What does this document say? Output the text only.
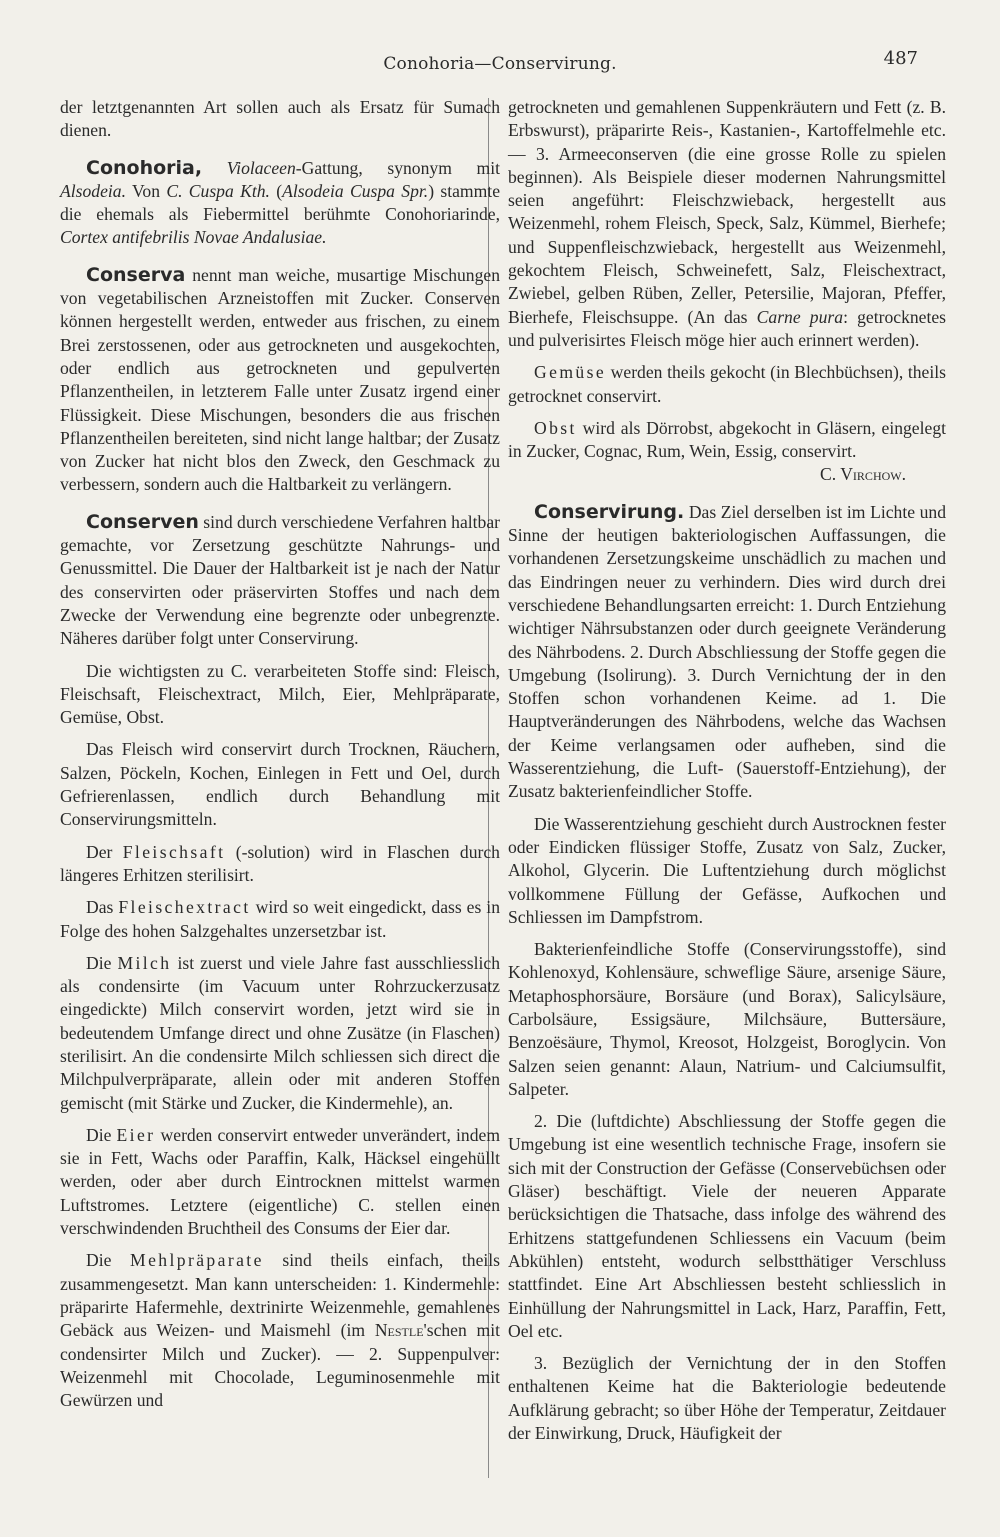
Conohoria—Conservirung.	487

der letztgenannten Art sollen auch als Ersatz für Sumach dienen.

Conohoria, Violaceen-Gattung, synonym mit Alsodeia. Von C. Cuspa Kth. (Alsodeia Cuspa Spr.) stammte die ehemals als Fiebermittel berühmte Conohoriarinde, Cortex antifebrilis Novae Andalusiae.

Conserva nennt man weiche, musartige Mischungen von vegetabilischen Arzneistoffen mit Zucker. Conserven können hergestellt werden, entweder aus frischen, zu einem Brei zerstossenen, oder aus getrockneten und ausgekochten, oder endlich aus getrockneten und gepulverten Pflanzentheilen, in letzterem Falle unter Zusatz irgend einer Flüssigkeit. Diese Mischungen, besonders die aus frischen Pflanzentheilen bereiteten, sind nicht lange haltbar; der Zusatz von Zucker hat nicht blos den Zweck, den Geschmack zu verbessern, sondern auch die Haltbarkeit zu verlängern.

Conserven sind durch verschiedene Verfahren haltbar gemachte, vor Zersetzung geschützte Nahrungs- und Genussmittel. Die Dauer der Haltbarkeit ist je nach der Natur des conservirten oder präservirten Stoffes und nach dem Zwecke der Verwendung eine begrenzte oder unbegrenzte. Näheres darüber folgt unter Conservirung.

Die wichtigsten zu C. verarbeiteten Stoffe sind: Fleisch, Fleischsaft, Fleischextract, Milch, Eier, Mehlpräparate, Gemüse, Obst.

Das Fleisch wird conservirt durch Trocknen, Räuchern, Salzen, Pöckeln, Kochen, Einlegen in Fett und Oel, durch Gefrierenlassen, endlich durch Behandlung mit Conservirungsmitteln.

Der Fleischsaft (-solution) wird in Flaschen durch längeres Erhitzen sterilisirt.

Das Fleischextract wird so weit eingedickt, dass es in Folge des hohen Salzgehaltes unzersetzbar ist.

Die Milch ist zuerst und viele Jahre fast ausschliesslich als condensirte (im Vacuum unter Rohrzuckerzusatz eingedickte) Milch conservirt worden, jetzt wird sie in bedeutendem Umfange direct und ohne Zusätze (in Flaschen) sterilisirt. An die condensirte Milch schliessen sich direct die Milchpulverpräparate, allein oder mit anderen Stoffen gemischt (mit Stärke und Zucker, die Kindermehle), an.

Die Eier werden conservirt entweder unverändert, indem sie in Fett, Wachs oder Paraffin, Kalk, Häcksel eingehüllt werden, oder aber durch Eintrocknen mittelst warmen Luftstromes. Letztere (eigentliche) C. stellen einen verschwindenden Bruchtheil des Consums der Eier dar.

Die Mehlpräparate sind theils einfach, theils zusammengesetzt. Man kann unterscheiden: 1. Kindermehle: präparirte Hafermehle, dextrinirte Weizenmehle, gemahlenes Gebäck aus Weizen- und Maismehl (im Nestle'schen mit condensirter Milch und Zucker). — 2. Suppenpulver: Weizenmehl mit Chocolade, Leguminosenmehle mit Gewürzen und

getrockneten und gemahlenen Suppenkräutern und Fett (z. B. Erbswurst), präparirte Reis-, Kastanien-, Kartoffelmehle etc. — 3. Armeeconserven (die eine grosse Rolle zu spielen beginnen). Als Beispiele dieser modernen Nahrungsmittel seien angeführt: Fleischzwieback, hergestellt aus Weizenmehl, rohem Fleisch, Speck, Salz, Kümmel, Bierhefe; und Suppenfleischzwieback, hergestellt aus Weizenmehl, gekochtem Fleisch, Schweinefett, Salz, Fleischextract, Zwiebel, gelben Rüben, Zeller, Petersilie, Majoran, Pfeffer, Bierhefe, Fleischsuppe. (An das Carne pura: getrocknetes und pulverisirtes Fleisch möge hier auch erinnert werden).

Gemüse werden theils gekocht (in Blechbüchsen), theils getrocknet conservirt.

Obst wird als Dörrobst, abgekocht in Gläsern, eingelegt in Zucker, Cognac, Rum, Wein, Essig, conservirt.

C. Virchow.

Conservirung. Das Ziel derselben ist im Lichte und Sinne der heutigen bakteriologischen Auffassungen, die vorhandenen Zersetzungskeime unschädlich zu machen und das Eindringen neuer zu verhindern. Dies wird durch drei verschiedene Behandlungsarten erreicht: 1. Durch Entziehung wichtiger Nährsubstanzen oder durch geeignete Veränderung des Nährbodens. 2. Durch Abschliessung der Stoffe gegen die Umgebung (Isolirung). 3. Durch Vernichtung der in den Stoffen schon vorhandenen Keime. ad 1. Die Hauptveränderungen des Nährbodens, welche das Wachsen der Keime verlangsamen oder aufheben, sind die Wasserentziehung, die Luft- (Sauerstoff-Entziehung), der Zusatz bakterienfeindlicher Stoffe.

Die Wasserentziehung geschieht durch Austrocknen fester oder Eindicken flüssiger Stoffe, Zusatz von Salz, Zucker, Alkohol, Glycerin. Die Luftentziehung durch möglichst vollkommene Füllung der Gefässe, Aufkochen und Schliessen im Dampfstrom.

Bakterienfeindliche Stoffe (Conservirungsstoffe), sind Kohlenoxyd, Kohlensäure, schweflige Säure, arsenige Säure, Metaphosphorsäure, Borsäure (und Borax), Salicylsäure, Carbolsäure, Essigsäure, Milchsäure, Buttersäure, Benzoësäure, Thymol, Kreosot, Holzgeist, Boroglycin. Von Salzen seien genannt: Alaun, Natrium- und Calciumsulfit, Salpeter.

2. Die (luftdichte) Abschliessung der Stoffe gegen die Umgebung ist eine wesentlich technische Frage, insofern sie sich mit der Construction der Gefässe (Conservebüchsen oder Gläser) beschäftigt. Viele der neueren Apparate berücksichtigen die Thatsache, dass infolge des während des Erhitzens stattgefundenen Schliessens ein Vacuum (beim Abkühlen) entsteht, wodurch selbstthätiger Verschluss stattfindet. Eine Art Abschliessen besteht schliesslich in Einhüllung der Nahrungsmittel in Lack, Harz, Paraffin, Fett, Oel etc.

3. Bezüglich der Vernichtung der in den Stoffen enthaltenen Keime hat die Bakteriologie bedeutende Aufklärung gebracht; so über Höhe der Temperatur, Zeitdauer der Einwirkung, Druck, Häufigkeit der
